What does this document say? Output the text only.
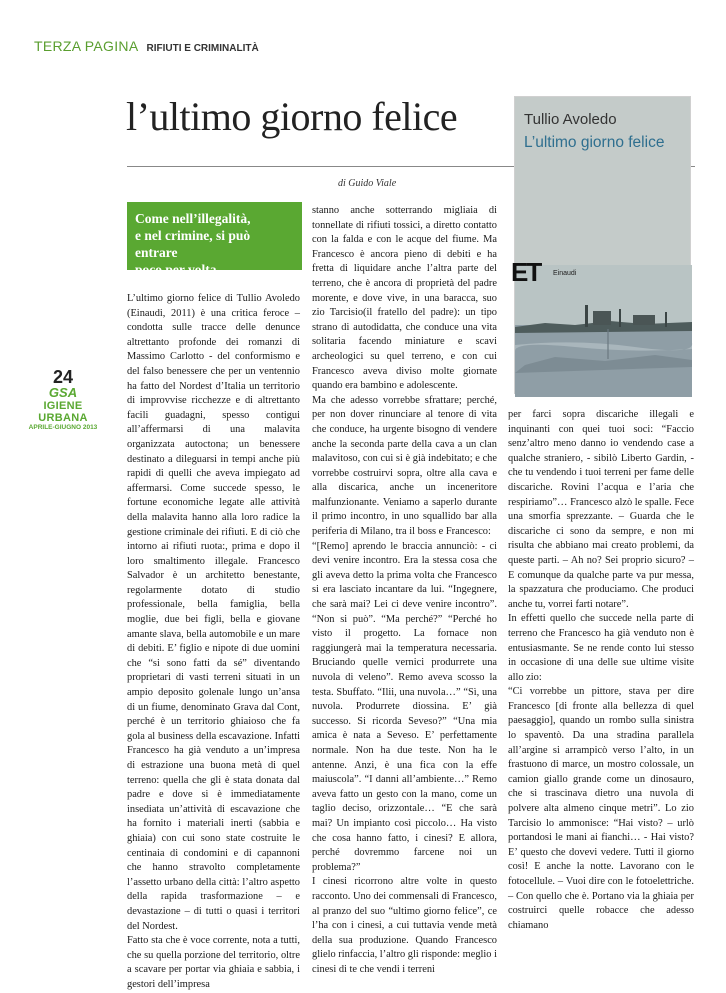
TERZA PAGINA RIFIUTI E CRIMINALITÀ
l’ultimo giorno felice
di Guido Viale
Come nell’illegalità,
e nel crimine, si può entrare
poco per volta.
24
GSA
IGIENE URBANA
APRILE-GIUGNO 2013
Tullio Avoledo
L’ultimo giorno felice
ET Einaudi

L’ultimo giorno felice di Tullio Avoledo (Einaudi, 2011) è una critica feroce – condotta sulle tracce delle denunce altrettanto profonde dei romanzi di Massimo Carlotto - del conformismo e del falso benessere che per un ventennio ha fatto del Nordest d’Italia un territorio di improvvise ricchezze e di altrettanto facili guadagni, spesso contigui all’affermarsi di una malavita organizzata autoctona; un benessere destinato a dileguarsi in tempi anche più rapidi di quelli che aveva impiegato ad affermarsi. Come succede spesso, le fortune economiche legate alle attività della malavita hanno alla loro radice la gestione criminale dei rifiuti. E di ciò che intorno ai rifiuti ruota:, prima e dopo il loro smaltimento illegale. Francesco Salvador è un architetto benestante, regolarmente dotato di studio professionale, bella famiglia, bella moglie, due bei figli, bella e giovane amante slava, bella automobile e un mare di debiti. E’ figlio e nipote di due uomini che “si sono fatti da sé” diventando proprietari di vasti terreni situati in un ampio deposito golenale lungo un’ansa di un fiume, denominato Grava dal Cont, perché è un territorio ghiaioso che fa gola al business della escavazione. Infatti Francesco ha già venduto a un’impresa di estrazione una buona metà di quel terreno: quella che gli è stata donata dal padre e dove si è immediatamente insediata un’attività di escavazione che ha fornito i materiali inerti (sabbia e ghiaia) con cui sono state costruite le centinaia di condomini e di capannoni che hanno stravolto completamente l’assetto urbano della città: l’altro aspetto della rapida trasformazione – e devastazione – di tutti o quasi i territori del Nordest.

Fatto sta che è voce corrente, nota a tutti, che su quella porzione del territorio, oltre a scavare per portar via ghiaia e sabbia, i gestori dell’impresa

stanno anche sotterrando migliaia di tonnellate di rifiuti tossici, a diretto contatto con la falda e con le acque del fiume. Ma Francesco è ancora pieno di debiti e ha fretta di liquidare anche l’altra parte del terreno, che è ancora di proprietà del padre morente, e dove vive, in una baracca, suo zio Tarcisio(il fratello del padre): un tipo strano di autodidatta, che conduce una vita solitaria facendo miniature e scavi archeologici su quel terreno, e con cui Francesco aveva diviso molte giornate quando era bambino e adolescente.

Ma che adesso vorrebbe sfrattare; perché, per non dover rinunciare al tenore di vita che conduce, ha urgente bisogno di vendere anche la seconda parte della cava a un clan malavitoso, con cui si è già indebitato; e che vorrebbe costruirvi sopra, oltre alla cava e alla discarica, anche un inceneritore malfunzionante. Veniamo a saperlo durante il primo incontro, in uno squallido bar alla periferia di Milano, tra il boss e Francesco:

“[Remo] aprendo le braccia annunciò: - ci devi venire incontro. Era la stessa cosa che gli aveva detto la prima volta che Francesco si era lasciato incantare da lui. “Ingegnere, che sarà mai? Lei ci deve venire incontro”. “Non si può”. “Ma perché?” “Perché ho visto il progetto. La fornace non raggiungerà mai la temperatura necessaria. Bruciando quelle vernici produrrete una nuvola di veleno”. Remo aveva scosso la testa. Sbuffato. “Ilii, una nuvola…” “Sì, una nuvola. Produrrete diossina. E’ già successo. Si ricorda Seveso?” “Una mia amica è nata a Seveso. E’ perfettamente normale. Non ha due teste. Non ha le antenne. Anzi, è una fica con la effe maiuscola”. “I danni all’ambiente…” Remo aveva fatto un gesto con la mano, come un taglio deciso, orizzontale… “E che sarà mai? Un impianto così piccolo… Ha visto che cosa hanno fatto, i cinesi? E allora, perché dovremmo farcene noi un problema?”

I cinesi ricorrono altre volte in questo racconto. Uno dei commensali di Francesco, al pranzo del suo “ultimo giorno felice”, ce l’ha con i cinesi, a cui tuttavia vende metà della sua produzione. Quando Francesco glielo rinfaccia, l’altro gli risponde: meglio i cinesi di te che vendi i terreni

per farci sopra discariche illegali e inquinanti con quei tuoi soci: “Faccio senz’altro meno danno io vendendo case a qualche straniero, - sibilò Liberto Gardin, - che tu vendendo i tuoi terreni per fame delle discariche. Rovini l’acqua e l’aria che respiriamo”… Francesco alzò le spalle. Fece una smorfia sprezzante. – Guarda che le discariche ci sono da sempre, e non mi risulta che abbiano mai creato problemi, da queste parti. – Ah no? Sei proprio sicuro? – E comunque da qualche parte va pur messa, la spazzatura che produciamo. Che produci anche tu, vorrei farti notare”.

In effetti quello che succede nella parte di terreno che Francesco ha già venduto non è entusiasmante. Se ne rende conto lui stesso in occasione di una delle sue ultime visite allo zio:

“Ci vorrebbe un pittore, stava per dire Francesco [di fronte alla bellezza di quel paesaggio], quando un rombo sulla sinistra lo spaventò. Da una stradina parallela all’argine si arrampicò verso l’alto, in un frastuono di marce, un mostro colossale, un camion giallo grande come un dinosauro, che si trascinava dietro una nuvola di polvere alta almeno cinque metri”. Lo zio Tarcisio lo ammonisce: “Hai visto? – urlò portandosi le mani ai fianchi… - Hai visto? E’ questo che dovevi vedere. Tutti il giorno così! E anche la notte. Lavorano con le fotocellule. – Vuoi dire con le fotoelettriche. – Con quello che è. Portano via la ghiaia per costruirci quelle robacce che adesso chiamano
